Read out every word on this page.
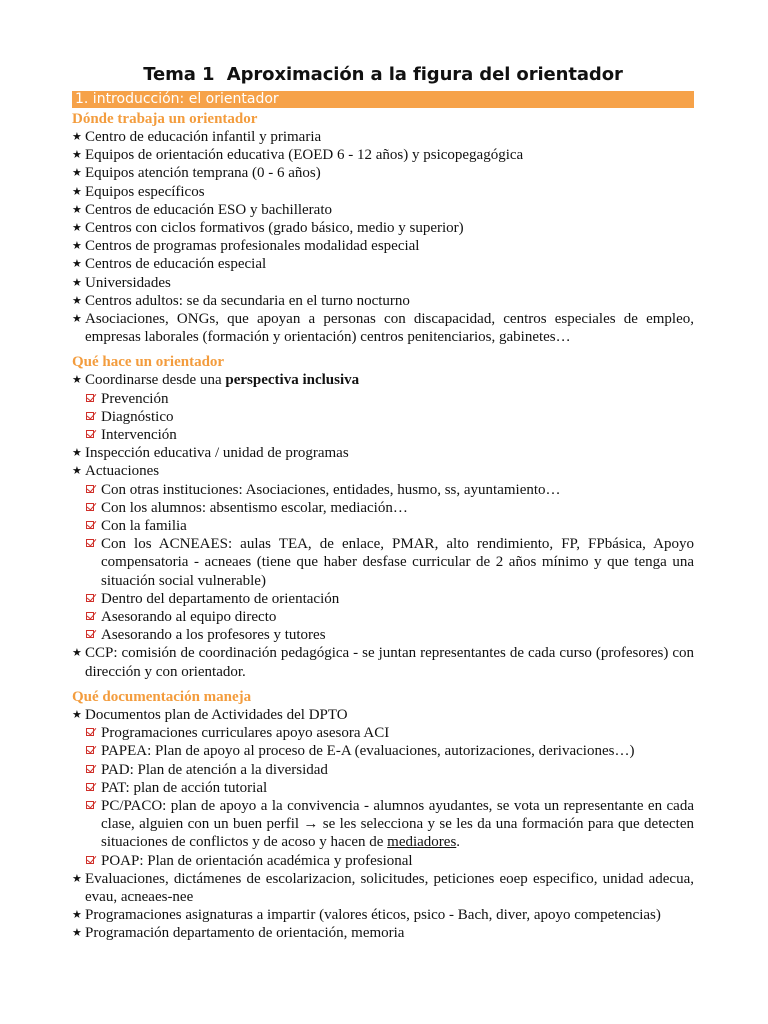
Tema 1 Aproximación a la figura del orientador
1. introducción: el orientador
Dónde trabaja un orientador
★ Centro de educación infantil y primaria
★ Equipos de orientación educativa (EOED 6 - 12 años) y psicopegagógica
★ Equipos atención temprana (0 - 6 años)
★ Equipos específicos
★ Centros de educación ESO y bachillerato
★ Centros con ciclos formativos (grado básico, medio y superior)
★ Centros de programas profesionales modalidad especial
★ Centros de educación especial
★ Universidades
★ Centros adultos: se da secundaria en el turno nocturno
★ Asociaciones, ONGs, que apoyan a personas con discapacidad, centros especiales de empleo, empresas laborales (formación y orientación) centros penitenciarios, gabinetes…
Qué hace un orientador
★ Coordinarse desde una perspectiva inclusiva
Prevención
Diagnóstico
Intervención
★ Inspección educativa / unidad de programas
★ Actuaciones
Con otras instituciones: Asociaciones, entidades, husmo, ss, ayuntamiento…
Con los alumnos: absentismo escolar, mediación…
Con la familia
Con los ACNEAES: aulas TEA, de enlace, PMAR, alto rendimiento, FP, FPbásica, Apoyo compensatoria - acneaes (tiene que haber desfase curricular de 2 años mínimo y que tenga una situación social vulnerable)
Dentro del departamento de orientación
Asesorando al equipo directo
Asesorando a los profesores y tutores
★ CCP: comisión de coordinación pedagógica - se juntan representantes de cada curso (profesores) con dirección y con orientador.
Qué documentación maneja
★ Documentos plan de Actividades del DPTO
Programaciones curriculares apoyo asesora ACI
PAPEA: Plan de apoyo al proceso de E-A (evaluaciones, autorizaciones, derivaciones…)
PAD: Plan de atención a la diversidad
PAT: plan de acción tutorial
PC/PACO: plan de apoyo a la convivencia - alumnos ayudantes, se vota un representante en cada clase, alguien con un buen perfil → se les selecciona y se les da una formación para que detecten situaciones de conflictos y de acoso y hacen de mediadores.
POAP: Plan de orientación académica y profesional
★ Evaluaciones, dictámenes de escolarizacion, solicitudes, peticiones eoep especifico, unidad adecua, evau, acneaes-nee
★ Programaciones asignaturas a impartir (valores éticos, psico - Bach, diver, apoyo competencias)
★ Programación departamento de orientación, memoria
